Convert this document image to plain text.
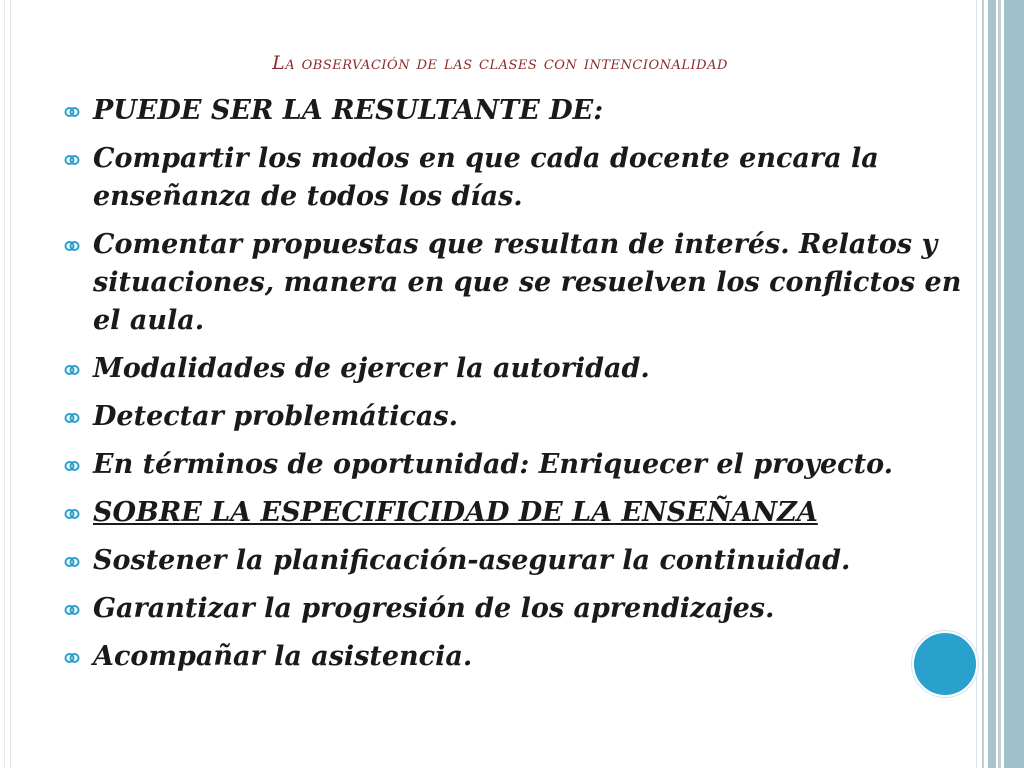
La observación de las clases con intencionalidad
PUEDE SER LA RESULTANTE DE:
Compartir los modos en que cada docente encara la enseñanza de todos los días.
Comentar propuestas que resultan de interés. Relatos y situaciones, manera en que se resuelven los conflictos en el aula.
Modalidades de ejercer la autoridad.
Detectar problemáticas.
En términos de oportunidad: Enriquecer el proyecto.
SOBRE LA ESPECIFICIDAD DE LA ENSEÑANZA
Sostener la planificación-asegurar la continuidad.
Garantizar la progresión de los aprendizajes.
Acompañar la asistencia.
